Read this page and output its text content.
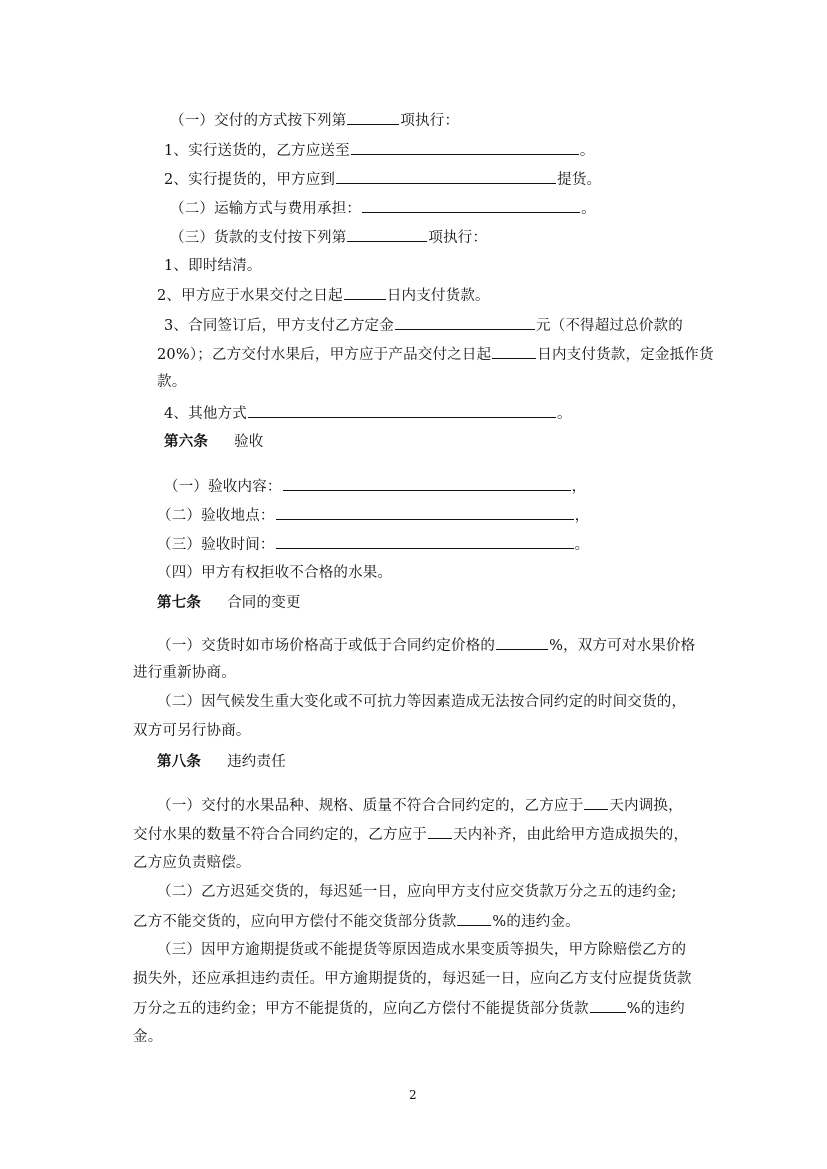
（一）交付的方式按下列第	项执行：
1、实行送货的，乙方应送至	。
2、实行提货的，甲方应到	提货。
（二）运输方式与费用承担：	。
（三）货款的支付按下列第	项执行：
1、即时结清。
2、甲方应于水果交付之日起	日内支付货款。
3、合同签订后，甲方支付乙方定金	元（不得超过总价款的
20%）；乙方交付水果后，甲方应于产品交付之日起	日内支付货款，定金抵作货
款。
4、其他方式	。
第六条 验收
（一）验收内容：	，
（二）验收地点：	，
（三）验收时间：	。
（四）甲方有权拒收不合格的水果。
第七条 合同的变更
（一）交货时如市场价格高于或低于合同约定价格的	%，双方可对水果价格
进行重新协商。
（二）因气候发生重大变化或不可抗力等因素造成无法按合同约定的时间交货的，
双方可另行协商。
第八条 违约责任
（一）交付的水果品种、规格、质量不符合合同约定的，乙方应于 天内调换，
交付水果的数量不符合合同约定的，乙方应于 天内补齐，由此给甲方造成损失的，
乙方应负责赔偿。
（二）乙方迟延交货的，每迟延一日，应向甲方支付应交货款万分之五的违约金;
乙方不能交货的，应向甲方偿付不能交货部分货款 %的违约金。
（三）因甲方逾期提货或不能提货等原因造成水果变质等损失，甲方除赔偿乙方的
损失外，还应承担违约责任。甲方逾期提货的，每迟延一日，应向乙方支付应提货货款
万分之五的违约金；甲方不能提货的，应向乙方偿付不能提货部分货款	%的违约
金。
2
